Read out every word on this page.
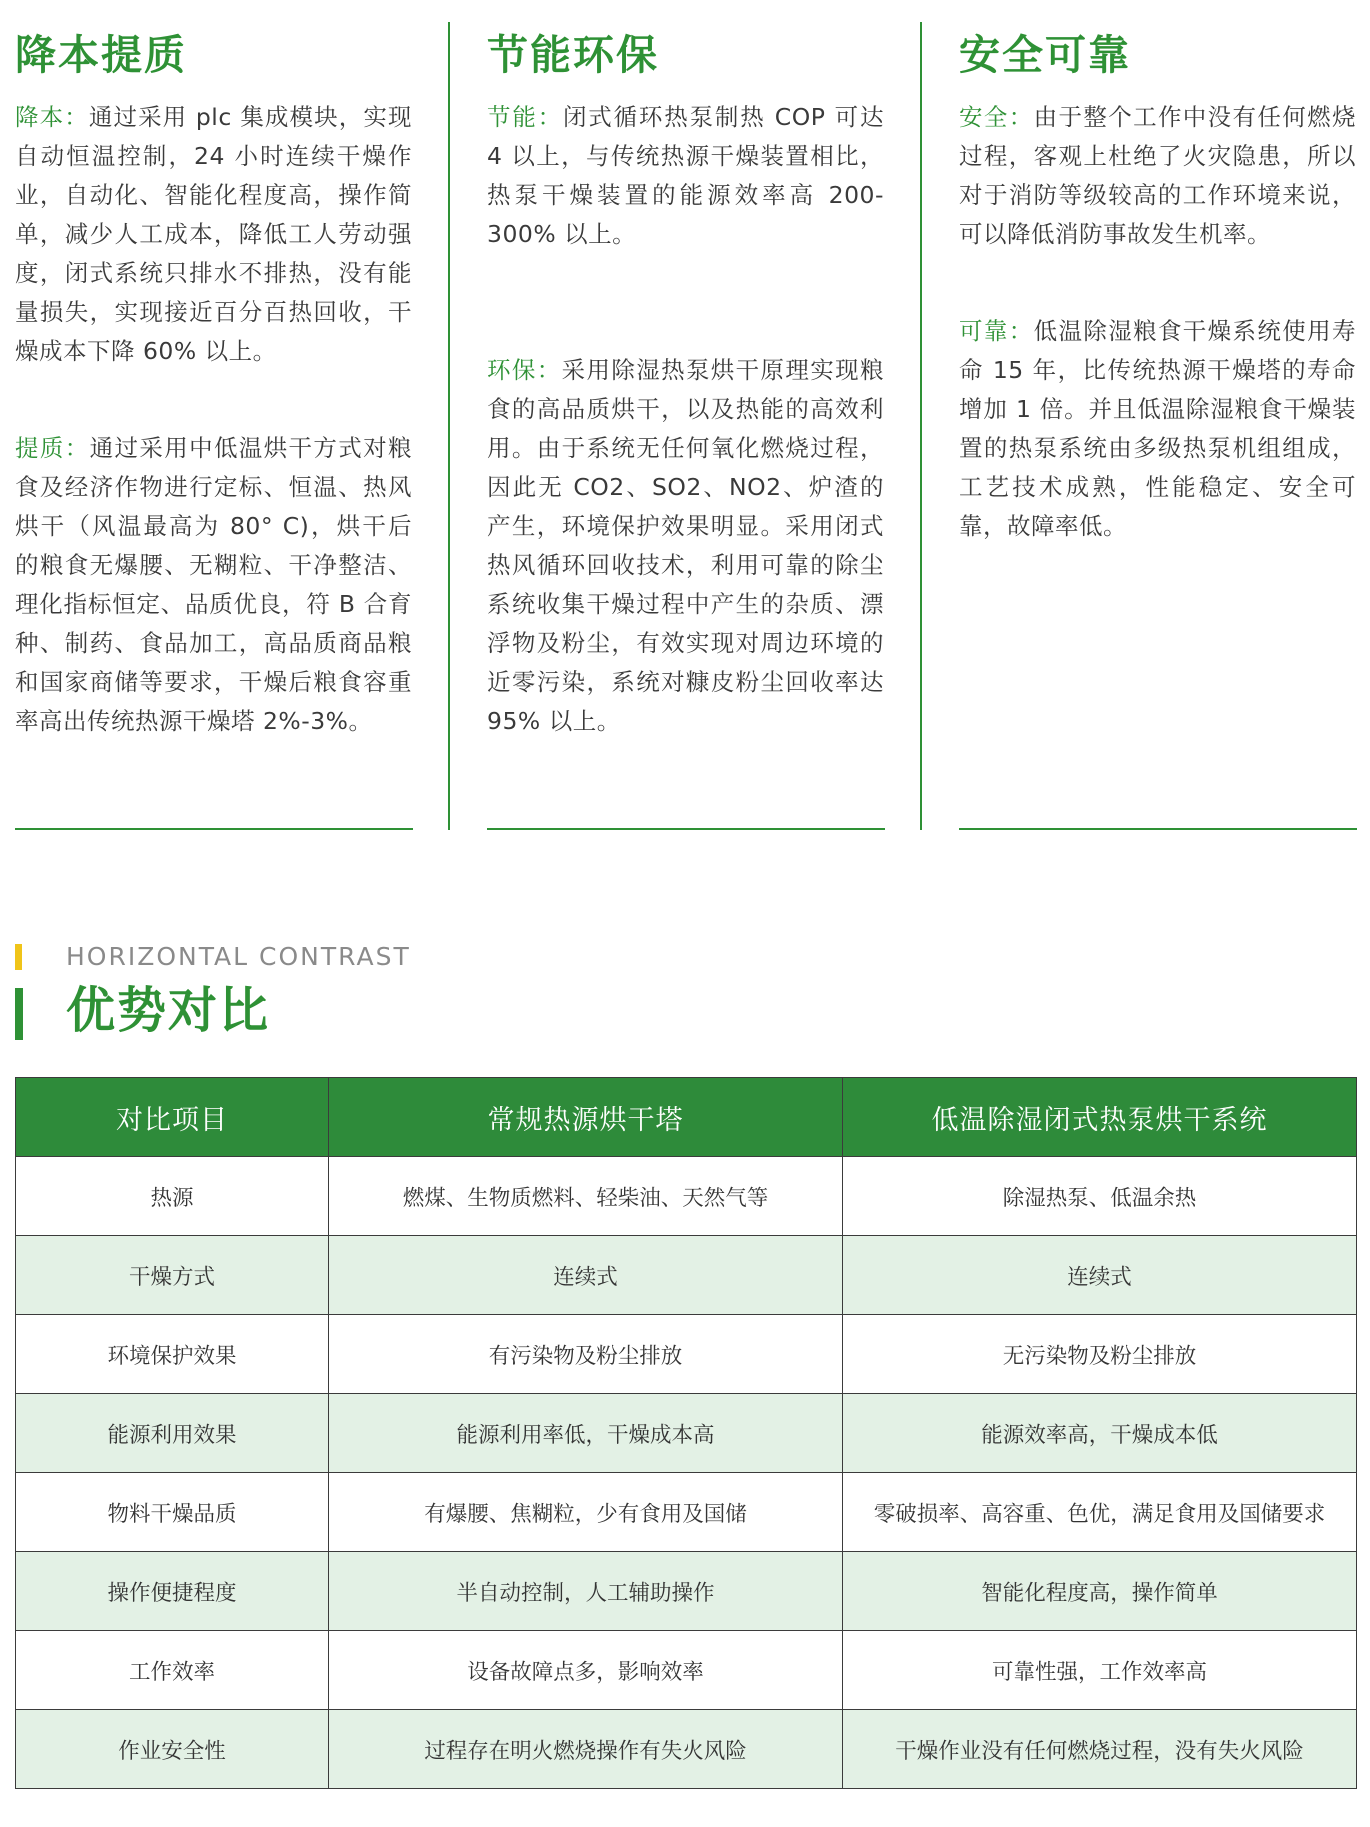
降本提质

降本：通过采用 plc 集成模块，实现自动恒温控制，24 小时连续干燥作业，自动化、智能化程度高，操作简单，减少人工成本，降低工人劳动强度，闭式系统只排水不排热，没有能量损失，实现接近百分百热回收，干燥成本下降 60% 以上。

提质：通过采用中低温烘干方式对粮食及经济作物进行定标、恒温、热风烘干（风温最高为 80° C)，烘干后的粮食无爆腰、无糊粒、干净整洁、理化指标恒定、品质优良，符 B 合育种、制药、食品加工，高品质商品粮和国家商储等要求，干燥后粮食容重率高出传统热源干燥塔 2%-3%。

节能环保

节能：闭式循环热泵制热 COP 可达 4 以上，与传统热源干燥装置相比，热泵干燥装置的能源效率高 200-300% 以上。

环保：采用除湿热泵烘干原理实现粮食的高品质烘干，以及热能的高效利用。由于系统无任何氧化燃烧过程，因此无 CO2、SO2、NO2、炉渣的产生，环境保护效果明显。采用闭式热风循环回收技术，利用可靠的除尘系统收集干燥过程中产生的杂质、漂浮物及粉尘，有效实现对周边环境的近零污染，系统对糠皮粉尘回收率达 95% 以上。

安全可靠

安全：由于整个工作中没有任何燃烧过程，客观上杜绝了火灾隐患，所以对于消防等级较高的工作环境来说，可以降低消防事故发生机率。

可靠：低温除湿粮食干燥系统使用寿命 15 年，比传统热源干燥塔的寿命增加 1 倍。并且低温除湿粮食干燥装置的热泵系统由多级热泵机组组成，工艺技术成熟，性能稳定、安全可靠，故障率低。

HORIZONTAL CONTRAST
优势对比
对比项目	常规热源烘干塔	低温除湿闭式热泵烘干系统
热源	燃煤、生物质燃料、轻柴油、天然气等	除湿热泵、低温余热
干燥方式	连续式	连续式
环境保护效果	有污染物及粉尘排放	无污染物及粉尘排放
能源利用效果	能源利用率低，干燥成本高	能源效率高，干燥成本低
物料干燥品质	有爆腰、焦糊粒，少有食用及国储	零破损率、高容重、色优，满足食用及国储要求
操作便捷程度	半自动控制，人工辅助操作	智能化程度高，操作简单
工作效率	设备故障点多，影响效率	可靠性强，工作效率高
作业安全性	过程存在明火燃烧操作有失火风险	干燥作业没有任何燃烧过程，没有失火风险
